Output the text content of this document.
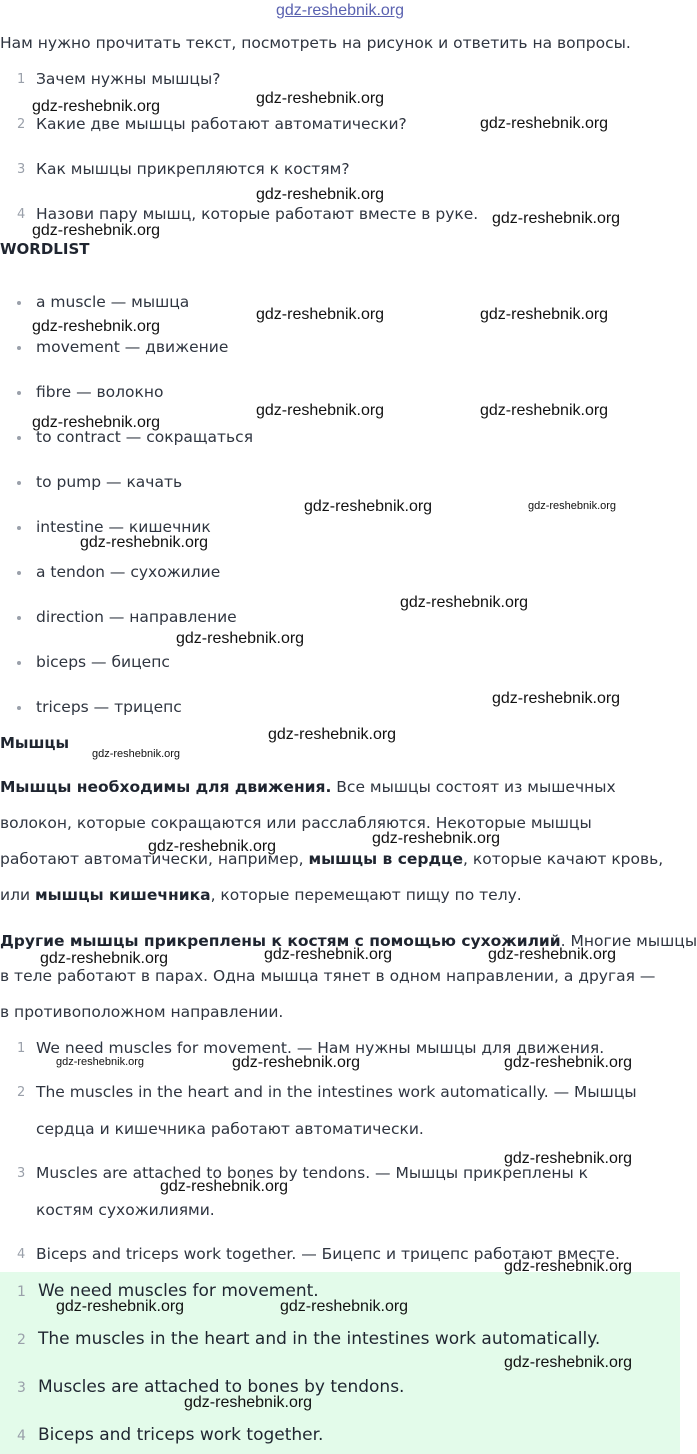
gdz-reshebnik.org
Нам нужно прочитать текст, посмотреть на рисунок и ответить на вопросы.
1 Зачем нужны мышцы?
2 Какие две мышцы работают автоматически?
3 Как мышцы прикрепляются к костям?
4 Назови пару мышц, которые работают вместе в руке.
WORDLIST
a muscle — мышца
movement — движение
fibre — волокно
to contract — сокращаться
to pump — качать
intestine — кишечник
a tendon — сухожилие
direction — направление
biceps — бицепс
triceps — трицепс
Мышцы
Мышцы необходимы для движения. Все мышцы состоят из мышечных
волокон, которые сокращаются или расслабляются. Некоторые мышцы
работают автоматически, например, мышцы в сердце, которые качают кровь,
или мышцы кишечника, которые перемещают пищу по телу.
Другие мышцы прикреплены к костям с помощью сухожилий. Многие мышцы
в теле работают в парах. Одна мышца тянет в одном направлении, а другая —
в противоположном направлении.
1 We need muscles for movement. — Нам нужны мышцы для движения.
2 The muscles in the heart and in the intestines work automatically. — Мышцы
сердца и кишечника работают автоматически.
3 Muscles are attached to bones by tendons. — Мышцы прикреплены к
костям сухожилиями.
4 Biceps and triceps work together. — Бицепс и трицепс работают вместе.
1 We need muscles for movement.
2 The muscles in the heart and in the intestines work automatically.
3 Muscles are attached to bones by tendons.
4 Biceps and triceps work together.
gdz-reshebnik.org	gdz-reshebnik.org
gdz-reshebnik.org
gdz-reshebnik.org
gdz-reshebnik.org
gdz-reshebnik.org
gdz-reshebnik.org	gdz-reshebnik.org
gdz-reshebnik.org
gdz-reshebnik.org	gdz-reshebnik.org
gdz-reshebnik.org
gdz-reshebnik.org	gdz-reshebnik.org
gdz-reshebnik.org
gdz-reshebnik.org
gdz-reshebnik.org
gdz-reshebnik.org
gdz-reshebnik.org
gdz-reshebnik.org
gdz-reshebnik.org	gdz-reshebnik.org
gdz-reshebnik.org	gdz-reshebnik.org	gdz-reshebnik.org
gdz-reshebnik.org	gdz-reshebnik.org	gdz-reshebnik.org
gdz-reshebnik.org
gdz-reshebnik.org
gdz-reshebnik.org
gdz-reshebnik.org	gdz-reshebnik.org
gdz-reshebnik.org
gdz-reshebnik.org
